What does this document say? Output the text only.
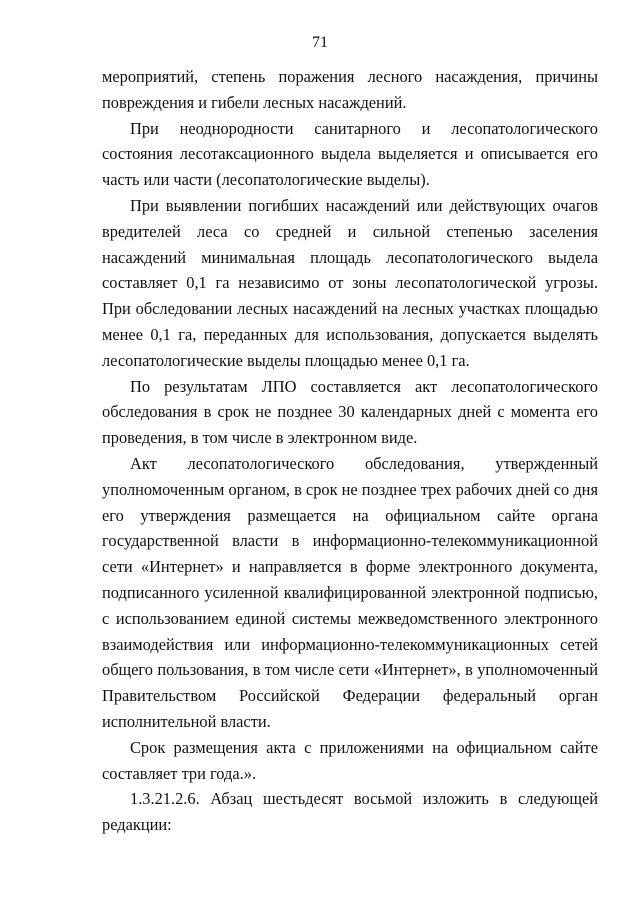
71

мероприятий, степень поражения лесного насаждения, причины повреждения и гибели лесных насаждений.

При неоднородности санитарного и лесопатологического состояния лесотаксационного выдела выделяется и описывается его часть или части (лесопатологические выделы).

При выявлении погибших насаждений или действующих очагов вредителей леса со средней и сильной степенью заселения насаждений минимальная площадь лесопатологического выдела составляет 0,1 га независимо от зоны лесопатологической угрозы. При обследовании лесных насаждений на лесных участках площадью менее 0,1 га, переданных для использования, допускается выделять лесопатологические выделы площадью менее 0,1 га.

По результатам ЛПО составляется акт лесопатологического обследования в срок не позднее 30 календарных дней с момента его проведения, в том числе в электронном виде.

Акт лесопатологического обследования, утвержденный уполномоченным органом, в срок не позднее трех рабочих дней со дня его утверждения размещается на официальном сайте органа государственной власти в информационно-телекоммуникационной сети «Интернет» и направляется в форме электронного документа, подписанного усиленной квалифицированной электронной подписью, с использованием единой системы межведомственного электронного взаимодействия или информационно-телекоммуникационных сетей общего пользования, в том числе сети «Интернет», в уполномоченный Правительством Российской Федерации федеральный орган исполнительной власти.

Срок размещения акта с приложениями на официальном сайте составляет три года.».

1.3.21.2.6. Абзац шестьдесят восьмой изложить в следующей редакции:
